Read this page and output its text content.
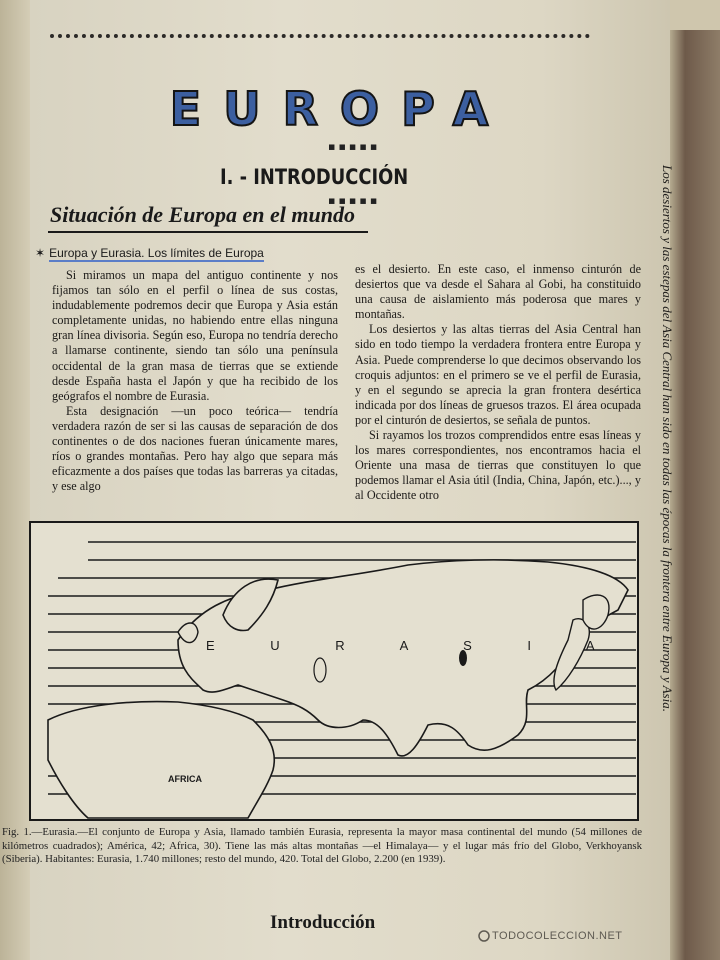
EUROPA
▪▪▪▪▪
I. - INTRODUCCIÓN
▪▪▪▪▪
Situación de Europa en el mundo
✶ Europa y Eurasia. Los límites de Europa

Si miramos un mapa del antiguo continente y nos fijamos tan sólo en el perfil o línea de sus costas, indudablemente podremos decir que Europa y Asia están completamente unidas, no habiendo entre ellas ninguna gran línea divisoria. Según eso, Europa no tendría derecho a llamarse continente, siendo tan sólo una península occidental de la gran masa de tierras que se extiende desde España hasta el Japón y que ha recibido de los geógrafos el nombre de Eurasia.

Esta designación —un poco teórica— tendría verdadera razón de ser si las causas de separación de dos continentes o de dos naciones fueran únicamente mares, ríos o grandes montañas. Pero hay algo que separa más eficazmente a dos países que todas las barreras ya citadas, y ese algo

es el desierto. En este caso, el inmenso cinturón de desiertos que va desde el Sahara al Gobi, ha constituido una causa de aislamiento más poderosa que mares y montañas.

Los desiertos y las altas tierras del Asia Central han sido en todo tiempo la verdadera frontera entre Europa y Asia. Puede comprenderse lo que decimos observando los croquis adjuntos: en el primero se ve el perfil de Eurasia, y en el segundo se aprecia la gran frontera desértica indicada por dos líneas de gruesos trazos. El área ocupada por el cinturón de desiertos, se señala de puntos.

Si rayamos los trozos comprendidos entre esas líneas y los mares correspondientes, nos encontramos hacia el Oriente una masa de tierras que constituyen lo que podemos llamar el Asia útil (India, China, Japón, etc.)..., y al Occidente otro	Los desiertos y las estepas del Asia Central han sido en todas las épocas la frontera entre Europa y Asia.
E U R A S I A
AFRICA
Fig. 1.—Eurasia.—El conjunto de Europa y Asia, llamado también Eurasia, representa la mayor masa continental del mundo (54 millones de kilómetros cuadrados); América, 42; Africa, 30). Tiene las más altas montañas —el Himalaya— y el lugar más frío del Globo, Verkhoyansk (Siberia). Habitantes: Eurasia, 1.740 millones; resto del mundo, 420. Total del Globo, 2.200 (en 1939).
Introducción
TODOCOLECCION.NET
